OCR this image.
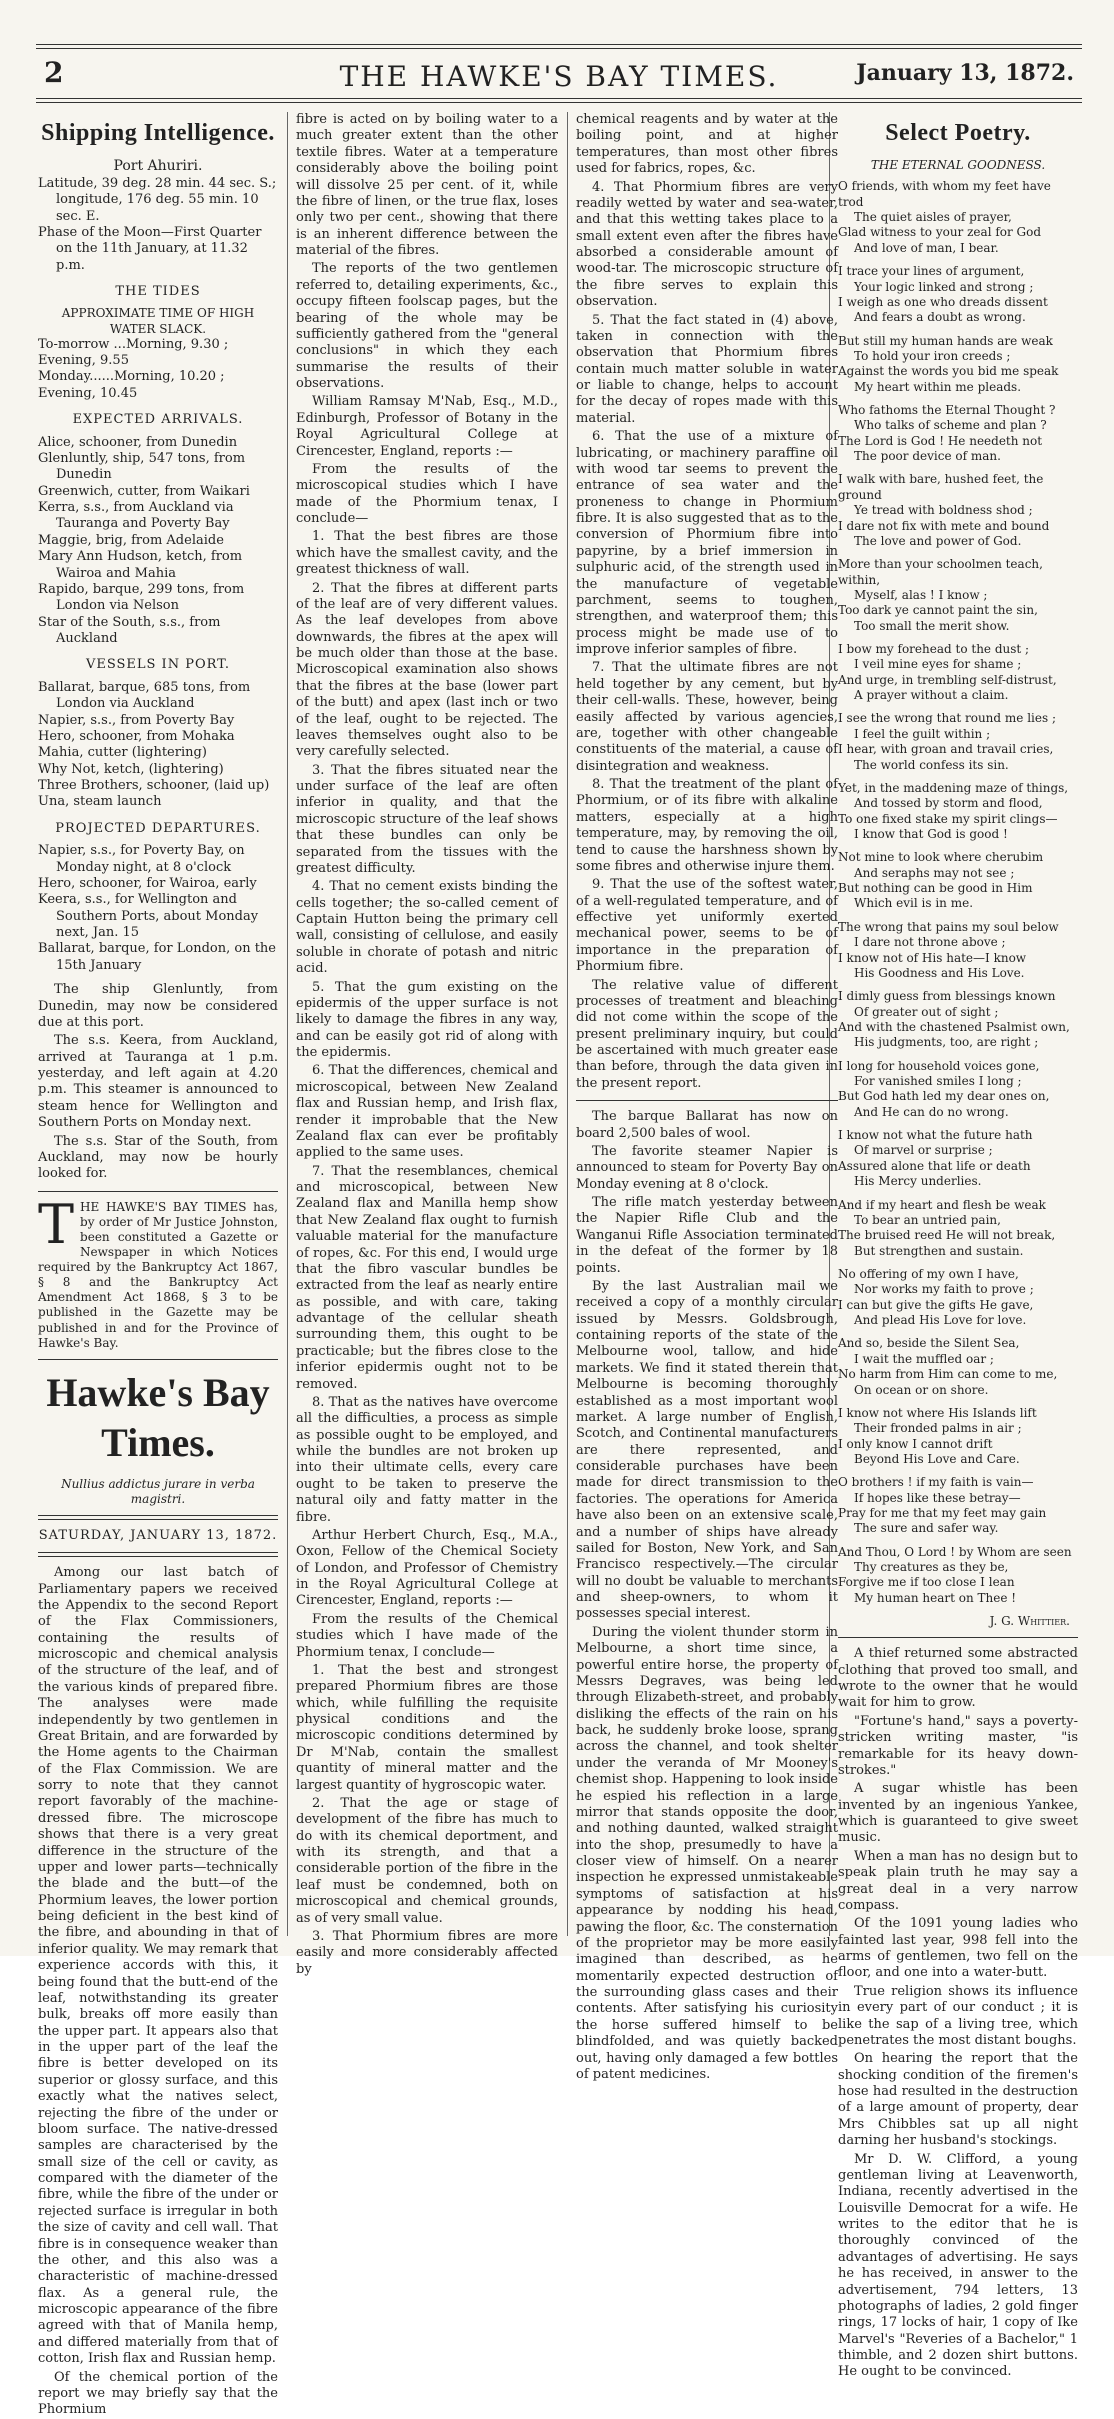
2	THE HAWKE'S BAY TIMES.	January 13, 1872.
Shipping Intelligence.
Port Ahuriri.

Latitude, 39 deg. 28 min. 44 sec. S.; longitude, 176 deg. 55 min. 10 sec. E.

Phase of the Moon—First Quarter on the 11th January, at 11.32 p.m.

THE TIDES
APPROXIMATE TIME OF HIGH WATER SLACK.
To-morrow ...Morning, 9.30 ; Evening, 9.55
Monday......Morning, 10.20 ; Evening, 10.45
EXPECTED ARRIVALS.

Alice, schooner, from Dunedin

Glenluntly, ship, 547 tons, from Dunedin

Greenwich, cutter, from Waikari

Kerra, s.s., from Auckland via Tauranga and Poverty Bay

Maggie, brig, from Adelaide

Mary Ann Hudson, ketch, from Wairoa and Mahia

Rapido, barque, 299 tons, from London via Nelson

Star of the South, s.s., from Auckland

VESSELS IN PORT.

Ballarat, barque, 685 tons, from London via Auckland

Napier, s.s., from Poverty Bay

Hero, schooner, from Mohaka

Mahia, cutter (lightering)

Why Not, ketch, (lightering)

Three Brothers, schooner, (laid up)

Una, steam launch

PROJECTED DEPARTURES.

Napier, s.s., for Poverty Bay, on Monday night, at 8 o'clock

Hero, schooner, for Wairoa, early

Keera, s.s., for Wellington and Southern Ports, about Monday next, Jan. 15

Ballarat, barque, for London, on the 15th January

The ship Glenluntly, from Dunedin, may now be considered due at this port.

The s.s. Keera, from Auckland, arrived at Tauranga at 1 p.m. yesterday, and left again at 4.20 p.m. This steamer is announced to steam hence for Wellington and Southern Ports on Monday next.

The s.s. Star of the South, from Auckland, may now be hourly looked for.

T HE HAWKE'S BAY TIMES has, by order of Mr Justice Johnston, been constituted a Gazette or Newspaper in which Notices required by the Bankruptcy Act 1867, § 8 and the Bankruptcy Act Amendment Act 1868, § 3 to be published in the Gazette may be published in and for the Province of Hawke's Bay.
Hawke's Bay Times.
Nullius addictus jurare in verba magistri.
SATURDAY, JANUARY 13, 1872.

Among our last batch of Parliamentary papers we received the Appendix to the second Report of the Flax Commissioners, containing the results of microscopic and chemical analysis of the structure of the leaf, and of the various kinds of prepared fibre. The analyses were made independently by two gentlemen in Great Britain, and are forwarded by the Home agents to the Chairman of the Flax Commission. We are sorry to note that they cannot report favorably of the machine-dressed fibre. The microscope shows that there is a very great difference in the structure of the upper and lower parts—technically the blade and the butt—of the Phormium leaves, the lower portion being deficient in the best kind of the fibre, and abounding in that of inferior quality. We may remark that experience accords with this, it being found that the butt-end of the leaf, notwithstanding its greater bulk, breaks off more easily than the upper part. It appears also that in the upper part of the leaf the fibre is better developed on its superior or glossy surface, and this exactly what the natives select, rejecting the fibre of the under or bloom surface. The native-dressed samples are characterised by the small size of the cell or cavity, as compared with the diameter of the fibre, while the fibre of the under or rejected surface is irregular in both the size of cavity and cell wall. That fibre is in consequence weaker than the other, and this also was a characteristic of machine-dressed flax. As a general rule, the microscopic appearance of the fibre agreed with that of Manila hemp, and differed materially from that of cotton, Irish flax and Russian hemp.

Of the chemical portion of the report we may briefly say that the Phormium

fibre is acted on by boiling water to a much greater extent than the other textile fibres. Water at a temperature considerably above the boiling point will dissolve 25 per cent. of it, while the fibre of linen, or the true flax, loses only two per cent., showing that there is an inherent difference between the material of the fibres.

The reports of the two gentlemen referred to, detailing experiments, &c., occupy fifteen foolscap pages, but the bearing of the whole may be sufficiently gathered from the "general conclusions" in which they each summarise the results of their observations.

William Ramsay M'Nab, Esq., M.D., Edinburgh, Professor of Botany in the Royal Agricultural College at Cirencester, England, reports :—

From the results of the microscopical studies which I have made of the Phormium tenax, I conclude—

1. That the best fibres are those which have the smallest cavity, and the greatest thickness of wall.

2. That the fibres at different parts of the leaf are of very different values. As the leaf developes from above downwards, the fibres at the apex will be much older than those at the base. Microscopical examination also shows that the fibres at the base (lower part of the butt) and apex (last inch or two of the leaf, ought to be rejected. The leaves themselves ought also to be very carefully selected.

3. That the fibres situated near the under surface of the leaf are often inferior in quality, and that the microscopic structure of the leaf shows that these bundles can only be separated from the tissues with the greatest difficulty.

4. That no cement exists binding the cells together; the so-called cement of Captain Hutton being the primary cell wall, consisting of cellulose, and easily soluble in chorate of potash and nitric acid.

5. That the gum existing on the epidermis of the upper surface is not likely to damage the fibres in any way, and can be easily got rid of along with the epidermis.

6. That the differences, chemical and microscopical, between New Zealand flax and Russian hemp, and Irish flax, render it improbable that the New Zealand flax can ever be profitably applied to the same uses.

7. That the resemblances, chemical and microscopical, between New Zealand flax and Manilla hemp show that New Zealand flax ought to furnish valuable material for the manufacture of ropes, &c. For this end, I would urge that the fibro vascular bundles be extracted from the leaf as nearly entire as possible, and with care, taking advantage of the cellular sheath surrounding them, this ought to be practicable; but the fibres close to the inferior epidermis ought not to be removed.

8. That as the natives have overcome all the difficulties, a process as simple as possible ought to be employed, and while the bundles are not broken up into their ultimate cells, every care ought to be taken to preserve the natural oily and fatty matter in the fibre.

Arthur Herbert Church, Esq., M.A., Oxon, Fellow of the Chemical Society of London, and Professor of Chemistry in the Royal Agricultural College at Cirencester, England, reports :—

From the results of the Chemical studies which I have made of the Phormium tenax, I conclude—

1. That the best and strongest prepared Phormium fibres are those which, while fulfilling the requisite physical conditions and the microscopic conditions determined by Dr M'Nab, contain the smallest quantity of mineral matter and the largest quantity of hygroscopic water.

2. That the age or stage of development of the fibre has much to do with its chemical deportment, and with its strength, and that a considerable portion of the fibre in the leaf must be condemned, both on microscopical and chemical grounds, as of very small value.

3. That Phormium fibres are more easily and more considerably affected by

chemical reagents and by water at the boiling point, and at higher temperatures, than most other fibres used for fabrics, ropes, &c.

4. That Phormium fibres are very readily wetted by water and sea-water, and that this wetting takes place to a small extent even after the fibres have absorbed a considerable amount of wood-tar. The microscopic structure of the fibre serves to explain this observation.

5. That the fact stated in (4) above, taken in connection with the observation that Phormium fibres contain much matter soluble in water or liable to change, helps to account for the decay of ropes made with this material.

6. That the use of a mixture of lubricating, or machinery paraffine oil with wood tar seems to prevent the entrance of sea water and the proneness to change in Phormium fibre. It is also suggested that as to the conversion of Phormium fibre into papyrine, by a brief immersion in sulphuric acid, of the strength used in the manufacture of vegetable parchment, seems to toughen, strengthen, and waterproof them; this process might be made use of to improve inferior samples of fibre.

7. That the ultimate fibres are not held together by any cement, but by their cell-walls. These, however, being easily affected by various agencies, are, together with other changeable constituents of the material, a cause of disintegration and weakness.

8. That the treatment of the plant of Phormium, or of its fibre with alkaline matters, especially at a high temperature, may, by removing the oil, tend to cause the harshness shown by some fibres and otherwise injure them.

9. That the use of the softest water, of a well-regulated temperature, and of effective yet uniformly exerted mechanical power, seems to be of importance in the preparation of Phormium fibre.

The relative value of different processes of treatment and bleaching did not come within the scope of the present preliminary inquiry, but could be ascertained with much greater ease than before, through the data given in the present report.

The barque Ballarat has now on board 2,500 bales of wool.

The favorite steamer Napier is announced to steam for Poverty Bay on Monday evening at 8 o'clock.

The rifle match yesterday between the Napier Rifle Club and the Wanganui Rifle Association terminated in the defeat of the former by 18 points.

By the last Australian mail we received a copy of a monthly circular issued by Messrs. Goldsbrough, containing reports of the state of the Melbourne wool, tallow, and hide markets. We find it stated therein that Melbourne is becoming thoroughly established as a most important wool market. A large number of English, Scotch, and Continental manufacturers are there represented, and considerable purchases have been made for direct transmission to the factories. The operations for America have also been on an extensive scale, and a number of ships have already sailed for Boston, New York, and San Francisco respectively.—The circular will no doubt be valuable to merchants and sheep-owners, to whom it possesses special interest.

During the violent thunder storm in Melbourne, a short time since, a powerful entire horse, the property of Messrs Degraves, was being led through Elizabeth-street, and probably disliking the effects of the rain on his back, he suddenly broke loose, sprang across the channel, and took shelter under the veranda of Mr Mooney's chemist shop. Happening to look inside he espied his reflection in a large mirror that stands opposite the door, and nothing daunted, walked straight into the shop, presumedly to have a closer view of himself. On a nearer inspection he expressed unmistakeable symptoms of satisfaction at his appearance by nodding his head, pawing the floor, &c. The consternation of the proprietor may be more easily imagined than described, as he momentarily expected destruction of the surrounding glass cases and their contents. After satisfying his curiosity the horse suffered himself to be blindfolded, and was quietly backed out, having only damaged a few bottles of patent medicines.

Select Poetry.
THE ETERNAL GOODNESS.
O friends, with whom my feet have trod
The quiet aisles of prayer,
Glad witness to your zeal for God
And love of man, I bear.
I trace your lines of argument,
Your logic linked and strong ;
I weigh as one who dreads dissent
And fears a doubt as wrong.
But still my human hands are weak
To hold your iron creeds ;
Against the words you bid me speak
My heart within me pleads.
Who fathoms the Eternal Thought ?
Who talks of scheme and plan ?
The Lord is God ! He needeth not
The poor device of man.
I walk with bare, hushed feet, the ground
Ye tread with boldness shod ;
I dare not fix with mete and bound
The love and power of God.
More than your schoolmen teach, within,
Myself, alas ! I know ;
Too dark ye cannot paint the sin,
Too small the merit show.
I bow my forehead to the dust ;
I veil mine eyes for shame ;
And urge, in trembling self-distrust,
A prayer without a claim.
I see the wrong that round me lies ;
I feel the guilt within ;
I hear, with groan and travail cries,
The world confess its sin.
Yet, in the maddening maze of things,
And tossed by storm and flood,
To one fixed stake my spirit clings—
I know that God is good !
Not mine to look where cherubim
And seraphs may not see ;
But nothing can be good in Him
Which evil is in me.
The wrong that pains my soul below
I dare not throne above ;
I know not of His hate—I know
His Goodness and His Love.
I dimly guess from blessings known
Of greater out of sight ;
And with the chastened Psalmist own,
His judgments, too, are right ;
I long for household voices gone,
For vanished smiles I long ;
But God hath led my dear ones on,
And He can do no wrong.
I know not what the future hath
Of marvel or surprise ;
Assured alone that life or death
His Mercy underlies.
And if my heart and flesh be weak
To bear an untried pain,
The bruised reed He will not break,
But strengthen and sustain.
No offering of my own I have,
Nor works my faith to prove ;
I can but give the gifts He gave,
And plead His Love for love.
And so, beside the Silent Sea,
I wait the muffled oar ;
No harm from Him can come to me,
On ocean or on shore.
I know not where His Islands lift
Their fronded palms in air ;
I only know I cannot drift
Beyond His Love and Care.
O brothers ! if my faith is vain—
If hopes like these betray—
Pray for me that my feet may gain
The sure and safer way.
And Thou, O Lord ! by Whom are seen
Thy creatures as they be,
Forgive me if too close I lean
My human heart on Thee !
J. G. Whittier.

A thief returned some abstracted clothing that proved too small, and wrote to the owner that he would wait for him to grow.

"Fortune's hand," says a poverty-stricken writing master, "is remarkable for its heavy down-strokes."

A sugar whistle has been invented by an ingenious Yankee, which is guaranteed to give sweet music.

When a man has no design but to speak plain truth he may say a great deal in a very narrow compass.

Of the 1091 young ladies who fainted last year, 998 fell into the arms of gentlemen, two fell on the floor, and one into a water-butt.

True religion shows its influence in every part of our conduct ; it is like the sap of a living tree, which penetrates the most distant boughs.

On hearing the report that the shocking condition of the firemen's hose had resulted in the destruction of a large amount of property, dear Mrs Chibbles sat up all night darning her husband's stockings.

Mr D. W. Clifford, a young gentleman living at Leavenworth, Indiana, recently advertised in the Louisville Democrat for a wife. He writes to the editor that he is thoroughly convinced of the advantages of advertising. He says he has received, in answer to the advertisement, 794 letters, 13 photographs of ladies, 2 gold finger rings, 17 locks of hair, 1 copy of Ike Marvel's "Reveries of a Bachelor," 1 thimble, and 2 dozen shirt buttons. He ought to be convinced.
